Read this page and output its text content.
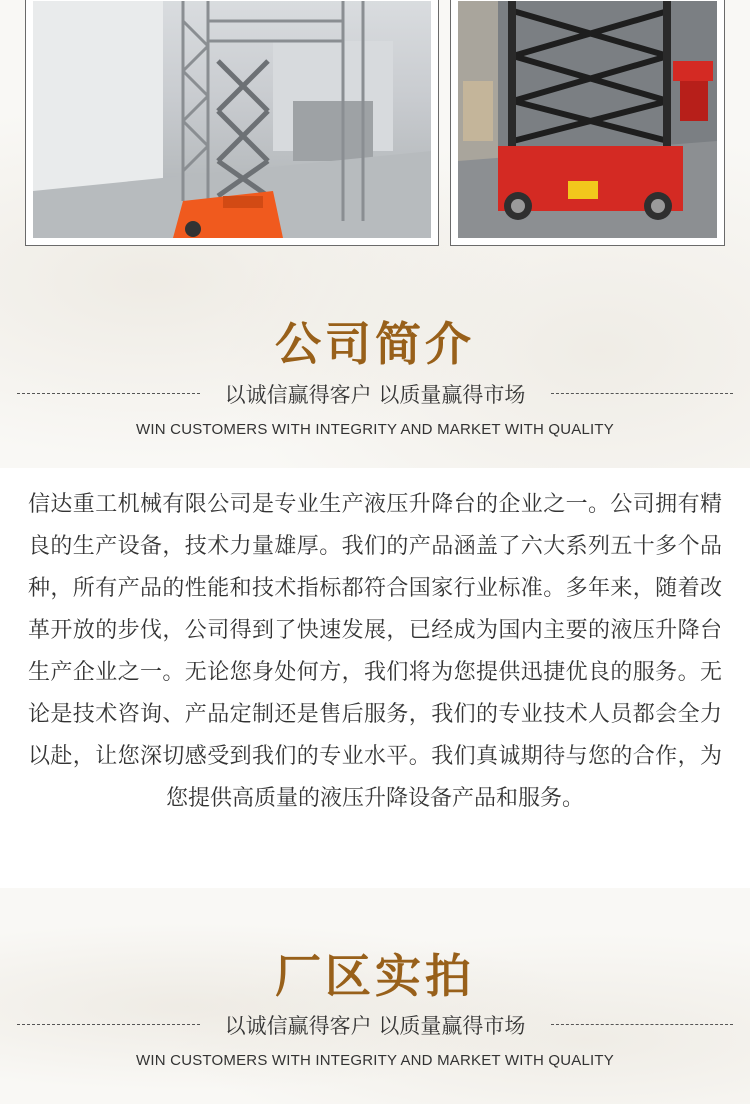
公司简介
以诚信赢得客户 以质量赢得市场
WIN CUSTOMERS WITH INTEGRITY AND MARKET WITH QUALITY
信达重工机械有限公司是专业生产液压升降台的企业之一。公司拥有精良的生产设备，技术力量雄厚。我们的产品涵盖了六大系列五十多个品种，所有产品的性能和技术指标都符合国家行业标准。多年来，随着改革开放的步伐，公司得到了快速发展，已经成为国内主要的液压升降台生产企业之一。无论您身处何方，我们将为您提供迅捷优良的服务。无论是技术咨询、产品定制还是售后服务，我们的专业技术人员都会全力以赴，让您深切感受到我们的专业水平。我们真诚期待与您的合作，为您提供高质量的液压升降设备产品和服务。
厂区实拍
以诚信赢得客户 以质量赢得市场
WIN CUSTOMERS WITH INTEGRITY AND MARKET WITH QUALITY
